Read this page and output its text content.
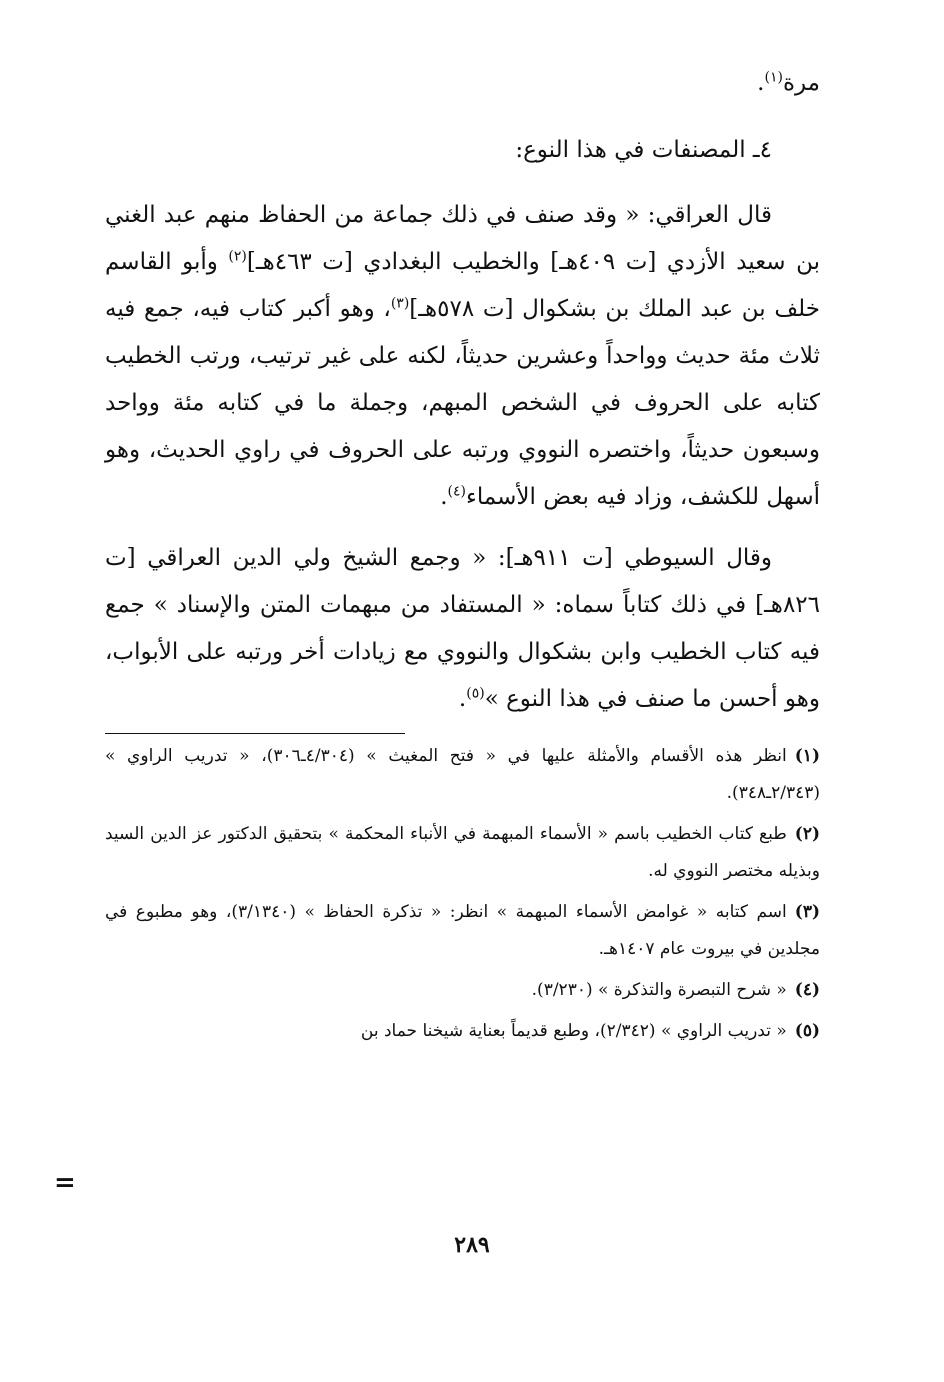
مرة$^{(١)}$.

٤ـ المصنفات في هذا النوع:

قال العراقي: « وقد صنف في ذلك جماعة من الحفاظ منهم عبد الغني بن سعيد الأزدي [ت ٤٠٩هـ] والخطيب البغدادي [ت ٤٦٣هـ]$^{(٢)}$ وأبو القاسم خلف بن عبد الملك بن بشكوال [ت ٥٧٨هـ]$^{(٣)}$، وهو أكبر كتاب فيه، جمع فيه ثلاث مئة حديث وواحداً وعشرين حديثاً، لكنه على غير ترتيب، ورتب الخطيب كتابه على الحروف في الشخص المبهم، وجملة ما في كتابه مئة وواحد وسبعون حديثاً، واختصره النووي ورتبه على الحروف في راوي الحديث، وهو أسهل للكشف، وزاد فيه بعض الأسماء$^{(٤)}$.

وقال السيوطي [ت ٩١١هـ]: « وجمع الشيخ ولي الدين العراقي [ت ٨٢٦هـ] في ذلك كتاباً سماه: « المستفاد من مبهمات المتن والإسناد » جمع فيه كتاب الخطيب وابن بشكوال والنووي مع زيادات أخر ورتبه على الأبواب، وهو أحسن ما صنف في هذا النوع »$^{(٥)}$.

(١)انظر هذه الأقسام والأمثلة عليها في « فتح المغيث » (٤/٣٠٤ـ٣٠٦)، « تدريب الراوي » (٢/٣٤٣ـ٣٤٨).

(٢)طبع كتاب الخطيب باسم « الأسماء المبهمة في الأنباء المحكمة » بتحقيق الدكتور عز الدين السيد وبذيله مختصر النووي له.

(٣)اسم كتابه « غوامض الأسماء المبهمة » انظر: « تذكرة الحفاظ » (٣/١٣٤٠)، وهو مطبوع في مجلدين في بيروت عام ١٤٠٧هـ.

(٤)« شرح التبصرة والتذكرة » (٣/٢٣٠).

(٥)« تدريب الراوي » (٢/٣٤٢)، وطبع قديماً بعناية شيخنا حماد بن

=
٢٨٩
